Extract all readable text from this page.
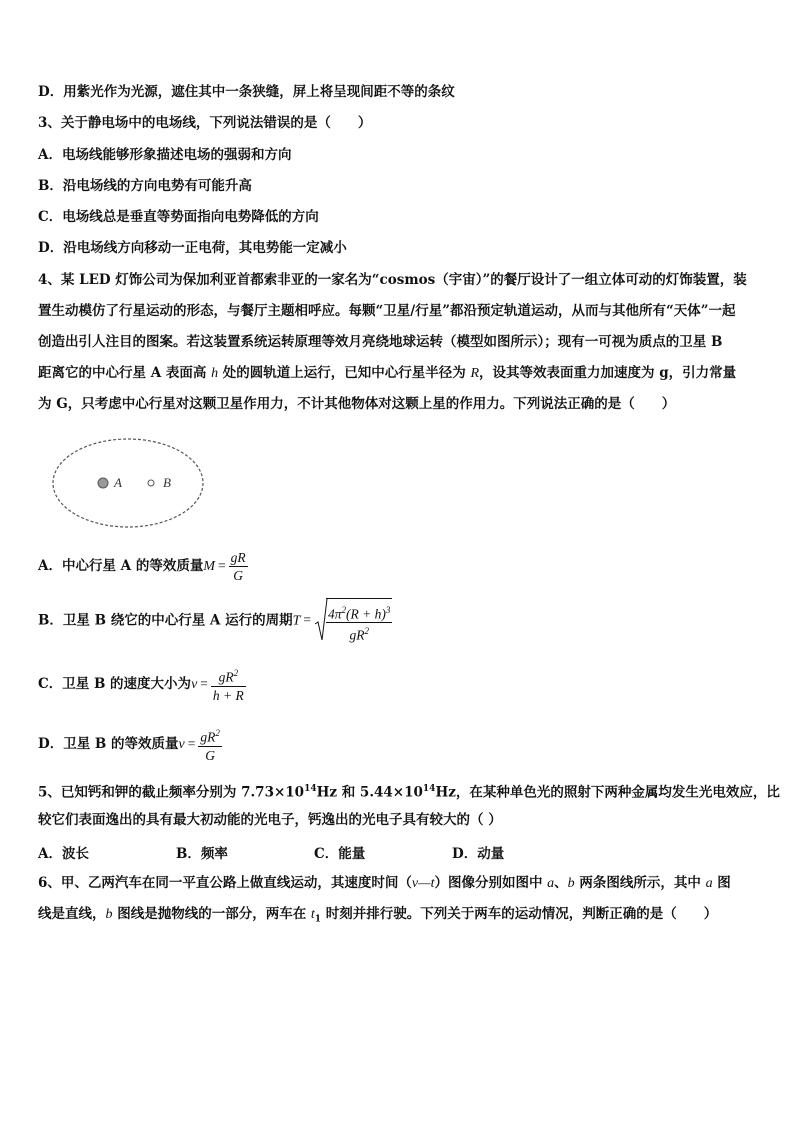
D．用紫光作为光源，遮住其中一条狭缝，屏上将呈现间距不等的条纹
3、关于静电场中的电场线，下列说法错误的是（　　）
A．电场线能够形象描述电场的强弱和方向
B．沿电场线的方向电势有可能升高
C．电场线总是垂直等势面指向电势降低的方向
D．沿电场线方向移动一正电荷，其电势能一定减小
4、某 LED 灯饰公司为保加利亚首都索非亚的一家名为“cosmos（宇宙）”的餐厅设计了一组立体可动的灯饰装置，装
置生动模仿了行星运动的形态，与餐厅主题相呼应。每颗“卫星/行星”都沿预定轨道运动，从而与其他所有“天体”一起
创造出引人注目的图案。若这装置系统运转原理等效月亮绕地球运转（模型如图所示）；现有一可视为质点的卫星 B
距离它的中心行星 A 表面高 h 处的圆轨道上运行，已知中心行星半径为 R，设其等效表面重力加速度为 g，引力常量
为 G，只考虑中心行星对这颗卫星作用力，不计其他物体对这颗上星的作用力。下列说法正确的是（　　）
A	B
A．中心行星 A 的等效质量$M = \frac{gR}{G}$
B．卫星 B 绕它的中心行星 A 运行的周期$T = \frac{4\pi^2(R + h)^3}{gR^2}$
C．卫星 B 的速度大小为$v = \frac{gR^2}{h + R}$
D．卫星 B 的等效质量$v = \frac{gR^2}{G}$
5、已知钙和钾的截止频率分别为 $7.73\times 10^{14}Hz$ 和 $5.44\times 10^{14}Hz$，在某种单色光的照射下两种金属均发生光电效应，比
较它们表面逸出的具有最大初动能的光电子，钙逸出的光电子具有较大的（ ）
A．波长	B．频率	C．能量	D．动量
6、甲、乙两汽车在同一平直公路上做直线运动，其速度时间（v—t）图像分别如图中 a、b 两条图线所示，其中 a 图
线是直线，b 图线是抛物线的一部分，两车在 $t_1$ 时刻并排行驶。下列关于两车的运动情况，判断正确的是（　　）
